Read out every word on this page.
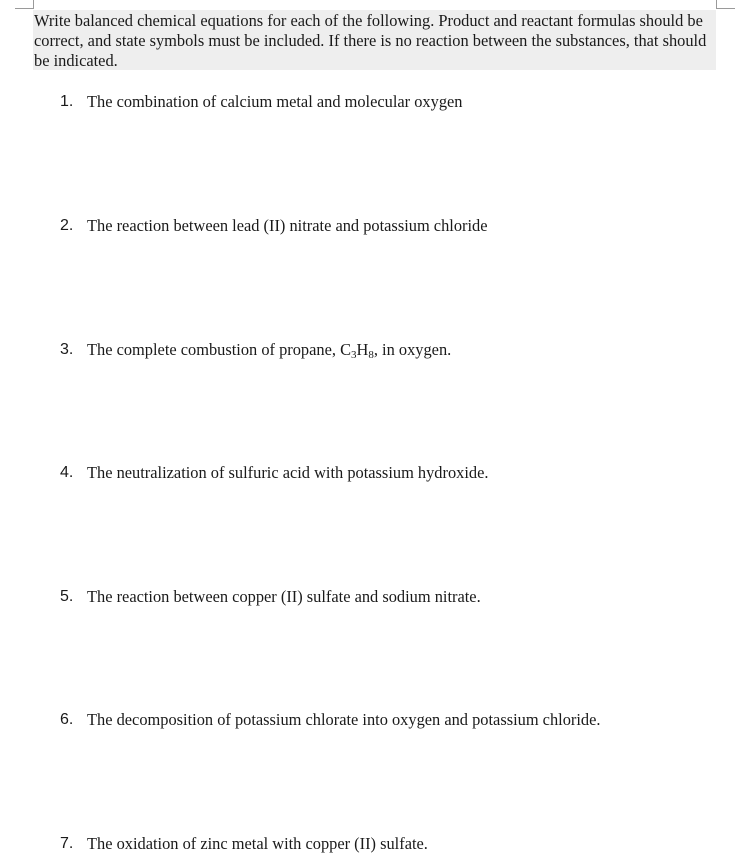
Write balanced chemical equations for each of the following. Product and reactant formulas should be correct, and state symbols must be included. If there is no reaction between the substances, that should be indicated.
1. The combination of calcium metal and molecular oxygen
2. The reaction between lead (II) nitrate and potassium chloride
3. The complete combustion of propane, $C_3H_8$, in oxygen.
4. The neutralization of sulfuric acid with potassium hydroxide.
5. The reaction between copper (II) sulfate and sodium nitrate.
6. The decomposition of potassium chlorate into oxygen and potassium chloride.
7. The oxidation of zinc metal with copper (II) sulfate.
